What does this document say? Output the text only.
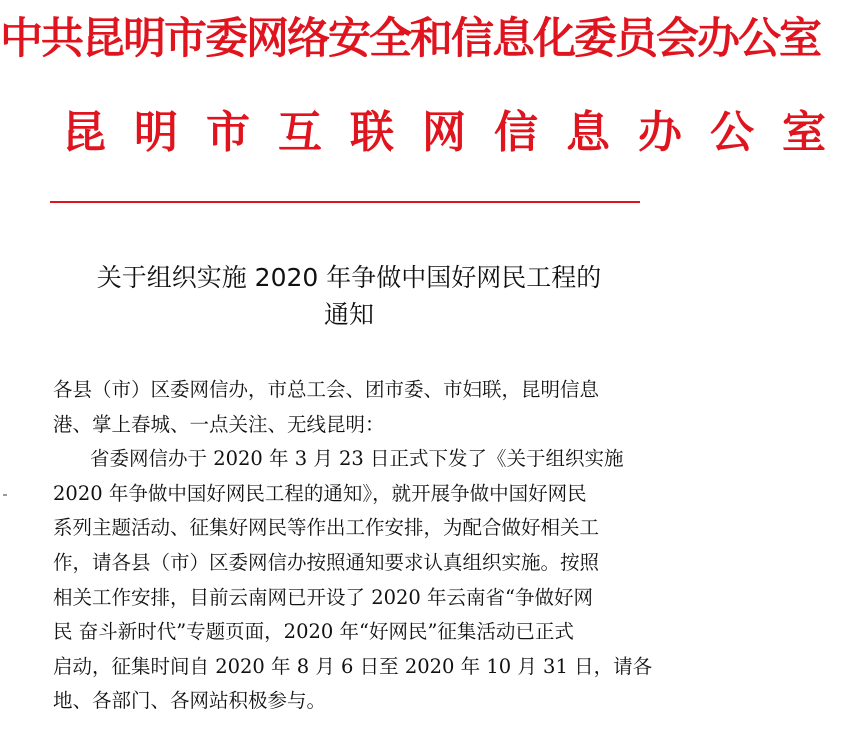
中共昆明市委网络安全和信息化委员会办公室
昆明市互联网信息办公室
关于组织实施 2020 年争做中国好网民工程的
通知
各县（市）区委网信办，市总工会、团市委、市妇联，昆明信息
港、掌上春城、一点关注、无线昆明：
省委网信办于 2020 年 3 月 23 日正式下发了《关于组织实施
2020 年争做中国好网民工程的通知》，就开展争做中国好网民
系列主题活动、征集好网民等作出工作安排，为配合做好相关工
作，请各县（市）区委网信办按照通知要求认真组织实施。按照
相关工作安排，目前云南网已开设了 2020 年云南省“争做好网
民 奋斗新时代”专题页面，2020 年“好网民”征集活动已正式
启动，征集时间自 2020 年 8 月 6 日至 2020 年 10 月 31 日，请各
地、各部门、各网站积极参与。
